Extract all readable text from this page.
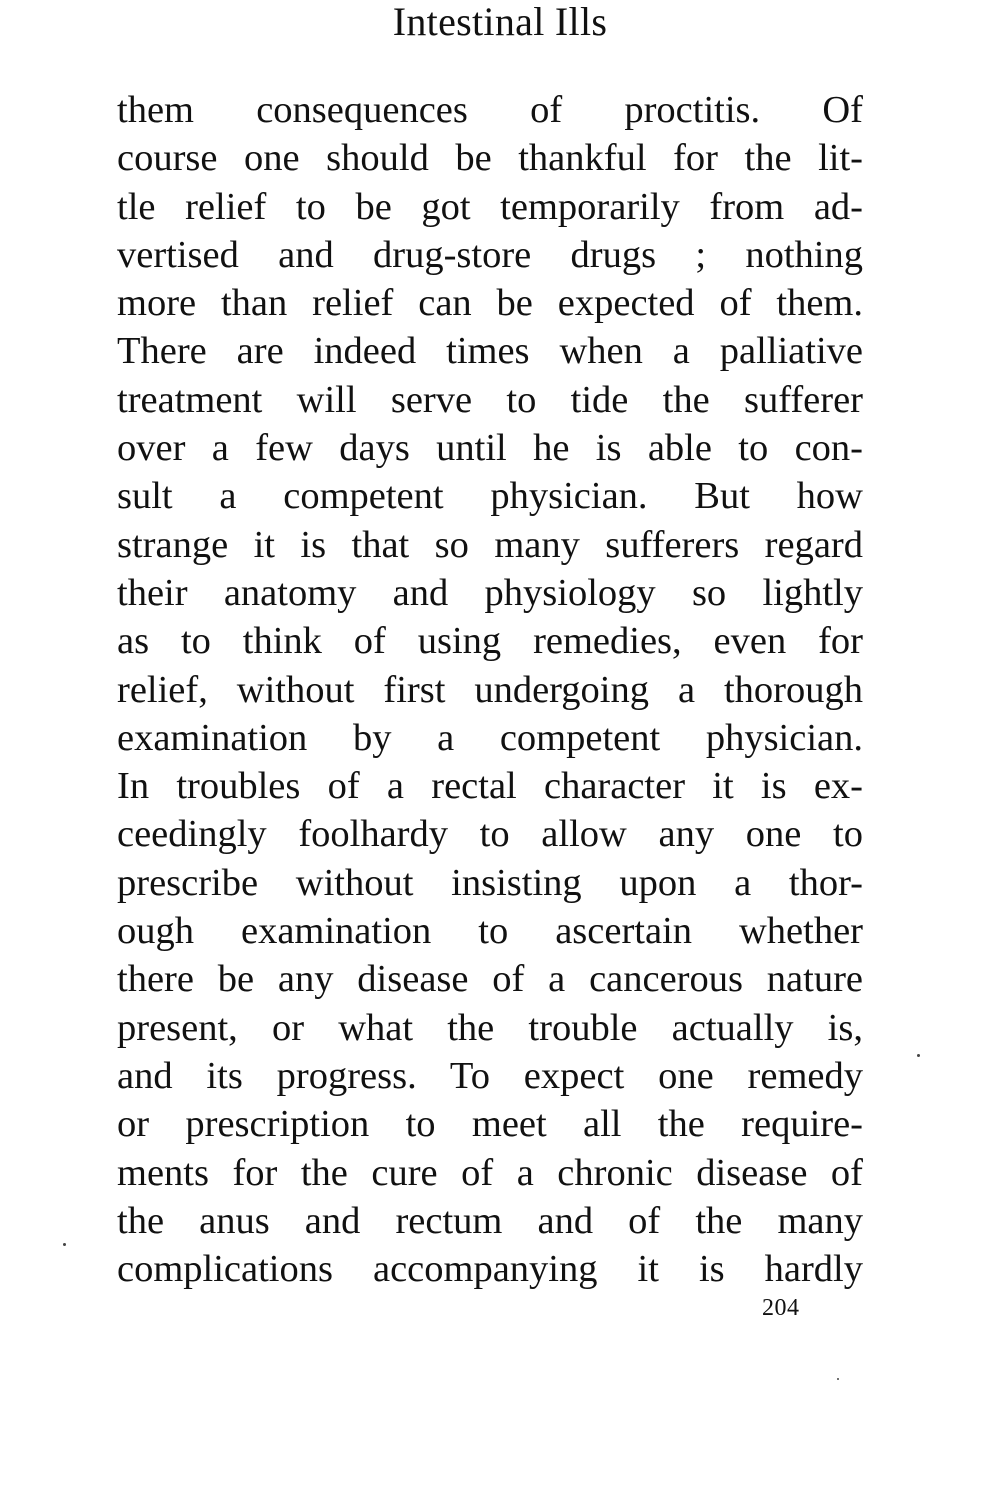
Intestinal Ills
them consequences of proctitis. Of
course one should be thankful for the lit-
tle relief to be got temporarily from ad-
vertised and drug-store drugs ; nothing
more than relief can be expected of them.
There are indeed times when a palliative
treatment will serve to tide the sufferer
over a few days until he is able to con-
sult a competent physician. But how
strange it is that so many sufferers regard
their anatomy and physiology so lightly
as to think of using remedies, even for
relief, without first undergoing a thorough
examination by a competent physician.
In troubles of a rectal character it is ex-
ceedingly foolhardy to allow any one to
prescribe without insisting upon a thor-
ough examination to ascertain whether
there be any disease of a cancerous nature
present, or what the trouble actually is,
and its progress. To expect one remedy
or prescription to meet all the require-
ments for the cure of a chronic disease of
the anus and rectum and of the many
complications accompanying it is hardly
204
